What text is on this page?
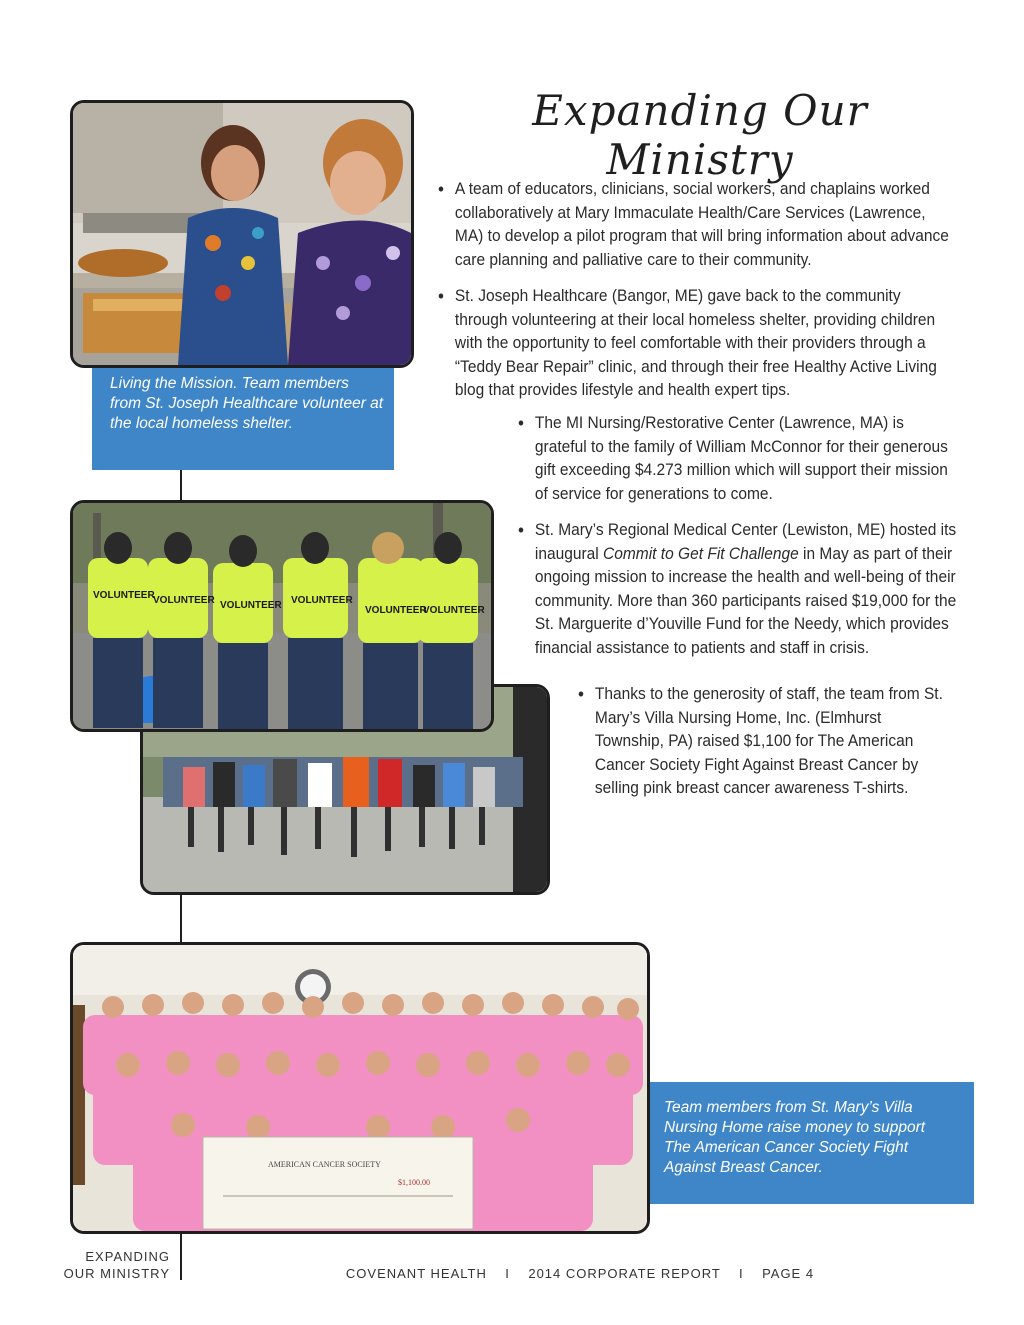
Living the Mission. Team members from St. Joseph Healthcare volunteer at the local homeless shelter.
VOLUNTEER
VOLUNTEER VOLUNTEER VOLUNTEER
VOLUNTEER
VOLUNTEER
AMERICAN CANCER SOCIETY
$1,100.00
Team members from St. Mary’s Villa Nursing Home raise money to support The American Cancer Society Fight Against Breast Cancer.
Expanding Our Ministry
• A team of educators, clinicians, social workers, and chaplains worked collaboratively at Mary Immaculate Health/Care Services (Lawrence, MA) to develop a pilot program that will bring information about advance care planning and palliative care to their community.
• St. Joseph Healthcare (Bangor, ME) gave back to the community through volunteering at their local homeless shelter, providing children with the opportunity to feel comfortable with their providers through a “Teddy Bear Repair” clinic, and through their free Healthy Active Living blog that provides lifestyle and health expert tips.
• The MI Nursing/Restorative Center (Lawrence, MA) is grateful to the family of William McConnor for their generous gift exceeding $4.273 million which will support their mission of service for generations to come.
• St. Mary’s Regional Medical Center (Lewiston, ME) hosted its inaugural Commit to Get Fit Challenge in May as part of their ongoing mission to increase the health and well-being of their community. More than 360 participants raised $19,000 for the St. Marguerite d’Youville Fund for the Needy, which provides financial assistance to patients and staff in crisis.
• Thanks to the generosity of staff, the team from St. Mary’s Villa Nursing Home, Inc. (Elmhurst Township, PA) raised $1,100 for The American Cancer Society Fight Against Breast Cancer by selling pink breast cancer awareness T-shirts.
EXPANDING
OUR MINISTRY	COVENANT HEALTH    I    2014 CORPORATE REPORT    I    PAGE 4
